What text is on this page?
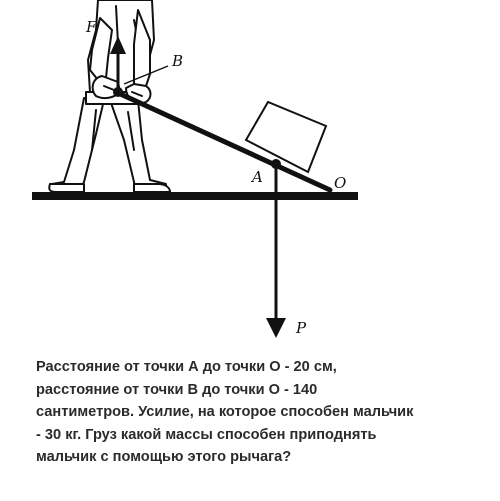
F
B
A	O
P

Расстояние от точки А до точки О - 20 см,
расстояние от точки В до точки О - 140
сантиметров. Усилие, на которое способен мальчик
- 30 кг. Груз какой массы способен приподнять
мальчик с помощью этого рычага?
